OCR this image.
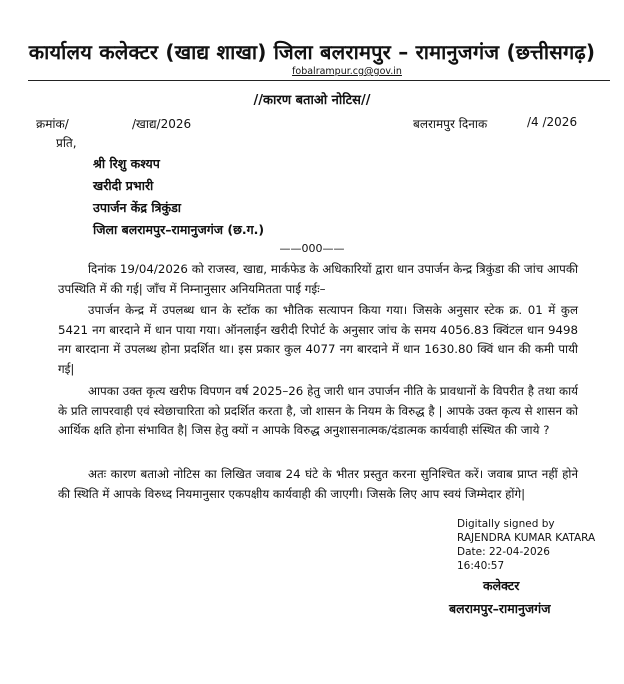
कार्यालय कलेक्टर (खाद्य शाखा) जिला बलरामपुर – रामानुजगंज (छत्तीसगढ़)
fobalrampur.cg@gov.in
//कारण बताओ नोटिस//
क्रमांक/	/खाद्य/2026	बलरामपुर दिनाक	/4 /2026
प्रति,
श्री रिशु कश्यप
खरीदी प्रभारी
उपार्जन केंद्र त्रिकुंडा
जिला बलरामपुर–रामानुजगंज (छ.ग.)
——000——
दिनांक 19/04/2026 को राजस्व, खाद्य, मार्कफेड के अधिकारियों द्वारा धान उपार्जन केन्द्र त्रिकुंडा की जांच आपकी उपस्थिति में की गई| जाँच में निम्नानुसार अनियमितता पाई गईः–
उपार्जन केन्द्र में उपलब्ध धान के स्टॉक का भौतिक सत्यापन किया गया। जिसके अनुसार स्टेक क्र. 01 में कुल 5421 नग बारदाने में धान पाया गया। ऑनलाईन खरीदी रिपोर्ट के अनुसार जांच के समय 4056.83 क्विंटल धान 9498 नग बारदाना में उपलब्ध होना प्रदर्शित था। इस प्रकार कुल 4077 नग बारदाने में धान 1630.80 क्विं धान की कमी पायी गई|
आपका उक्त कृत्य खरीफ विपणन वर्ष 2025–26 हेतु जारी धान उपार्जन नीति के प्रावधानों के विपरीत है तथा कार्य के प्रति लापरवाही एवं स्वेछाचारिता को प्रदर्शित करता है, जो शासन के नियम के विरुद्ध है | आपके उक्त कृत्य से शासन को आर्थिक क्षति होना संभावित है| जिस हेतु क्यों न आपके विरुद्ध अनुशासनात्मक/दंडात्मक कार्यवाही संस्थित की जाये ?
अतः कारण बताओ नोटिस का लिखित जवाब 24 घंटे के भीतर प्रस्तुत करना सुनिश्चित करें। जवाब प्राप्त नहीं होने की स्थिति में आपके विरुध्द नियमानुसार एकपक्षीय कार्यवाही की जाएगी। जिसके लिए आप स्वयं जिम्मेदार होंगे|
Digitally signed by
RAJENDRA KUMAR KATARA
Date: 22-04-2026
16:40:57
कलेक्टर
बलरामपुर–रामानुजगंज
